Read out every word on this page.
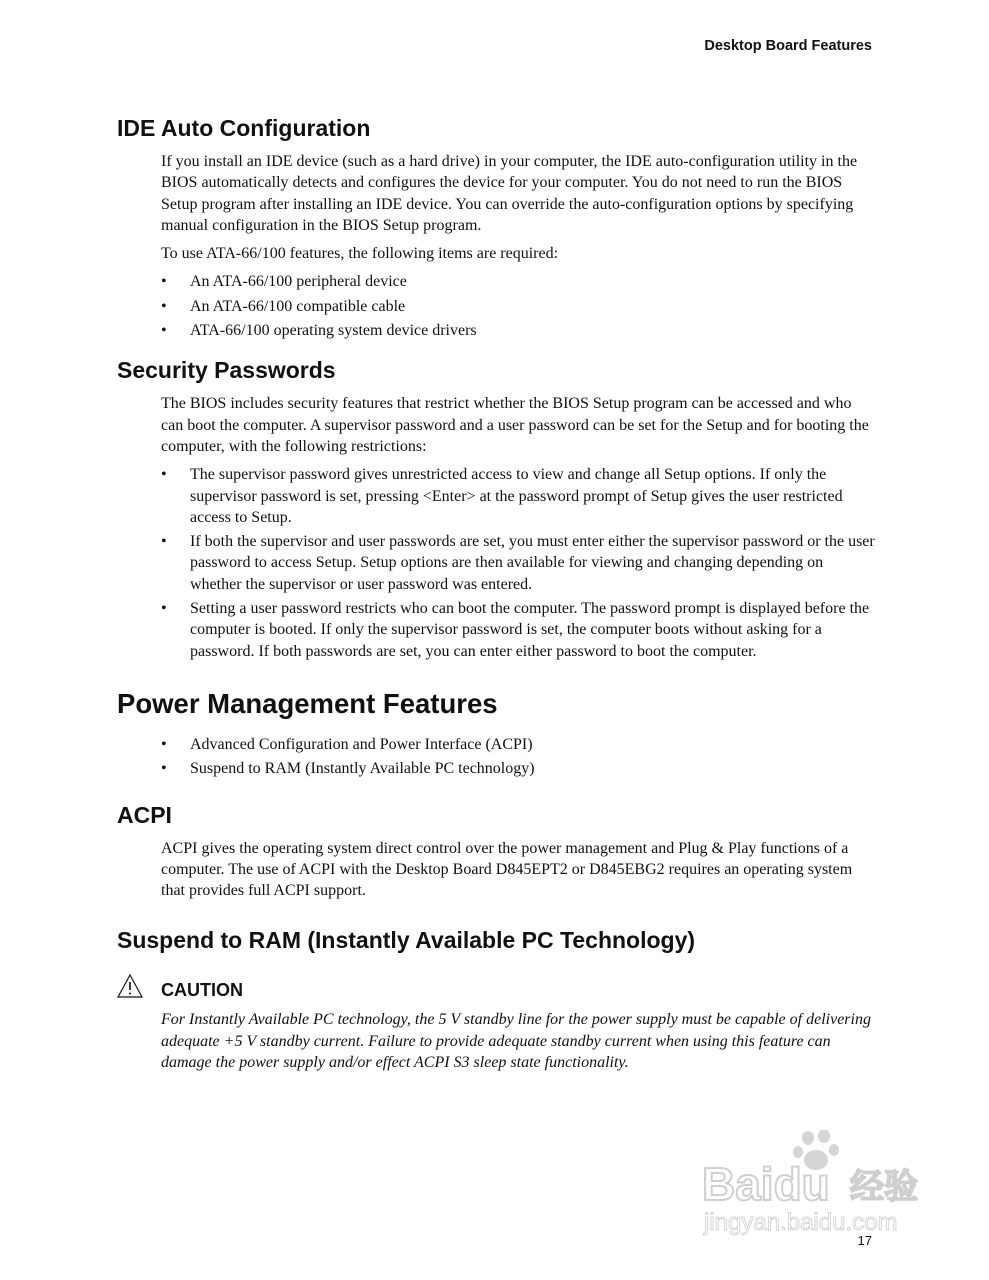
Desktop Board Features
IDE Auto Configuration

If you install an IDE device (such as a hard drive) in your computer, the IDE auto-configuration utility in the BIOS automatically detects and configures the device for your computer. You do not need to run the BIOS Setup program after installing an IDE device. You can override the auto-configuration options by specifying manual configuration in the BIOS Setup program.

To use ATA-66/100 features, the following items are required:

• An ATA-66/100 peripheral device
• An ATA-66/100 compatible cable
• ATA-66/100 operating system device drivers
Security Passwords

The BIOS includes security features that restrict whether the BIOS Setup program can be accessed and who can boot the computer. A supervisor password and a user password can be set for the Setup and for booting the computer, with the following restrictions:

• The supervisor password gives unrestricted access to view and change all Setup options. If only the supervisor password is set, pressing <Enter> at the password prompt of Setup gives the user restricted access to Setup.
• If both the supervisor and user passwords are set, you must enter either the supervisor password or the user password to access Setup. Setup options are then available for viewing and changing depending on whether the supervisor or user password was entered.
• Setting a user password restricts who can boot the computer. The password prompt is displayed before the computer is booted. If only the supervisor password is set, the computer boots without asking for a password. If both passwords are set, you can enter either password to boot the computer.
Power Management Features
• Advanced Configuration and Power Interface (ACPI)
• Suspend to RAM (Instantly Available PC technology)
ACPI

ACPI gives the operating system direct control over the power management and Plug & Play functions of a computer. The use of ACPI with the Desktop Board D845EPT2 or D845EBG2 requires an operating system that provides full ACPI support.

Suspend to RAM (Instantly Available PC Technology)
CAUTION
For Instantly Available PC technology, the 5 V standby line for the power supply must be capable of delivering adequate +5 V standby current. Failure to provide adequate standby current when using this feature can damage the power supply and/or effect ACPI S3 sleep state functionality.
Baidu 经验
jingyan.baidu.com
17
